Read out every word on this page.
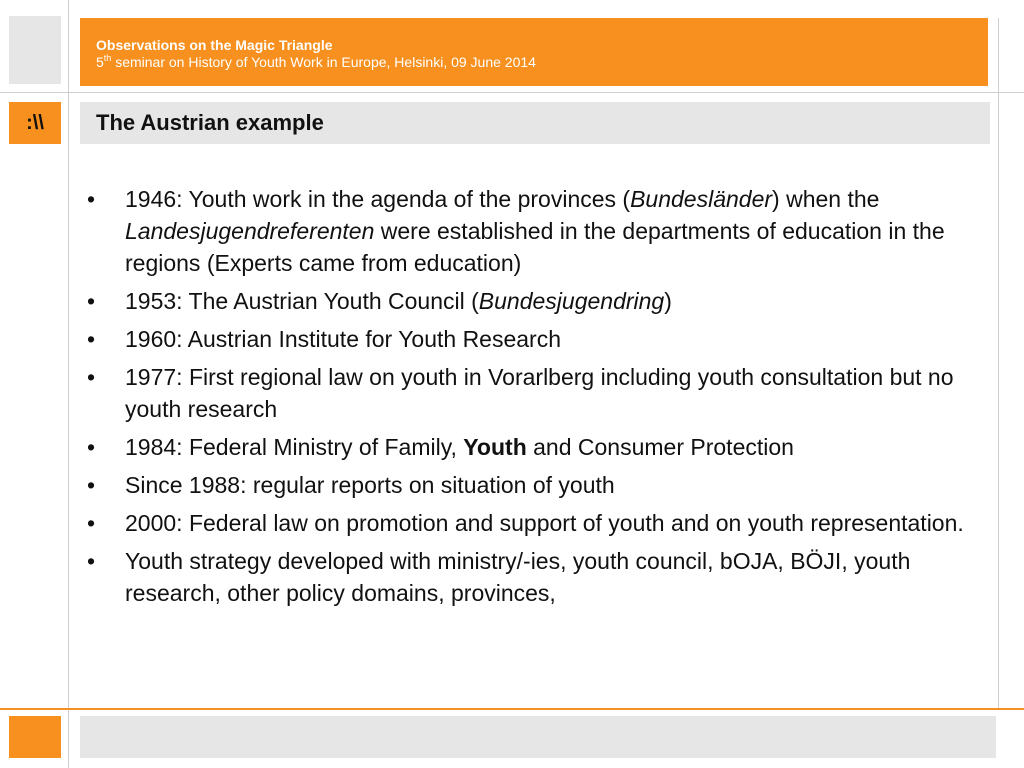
Observations on the Magic Triangle
5th seminar on History of Youth Work in Europe, Helsinki, 09 June 2014
:\\ The Austrian example
• 1946: Youth work in the agenda of the provinces (Bundesländer) when the Landesjugendreferenten were established in the departments of education in the regions (Experts came from education)
• 1953: The Austrian Youth Council (Bundesjugendring)
• 1960: Austrian Institute for Youth Research
• 1977: First regional law on youth in Vorarlberg including youth consultation but no youth research
• 1984: Federal Ministry of Family, Youth and Consumer Protection
• Since 1988: regular reports on situation of youth
• 2000: Federal law on promotion and support of youth and on youth representation.
• Youth strategy developed with ministry/-ies, youth council, bOJA, BÖJI, youth research, other policy domains, provinces,
